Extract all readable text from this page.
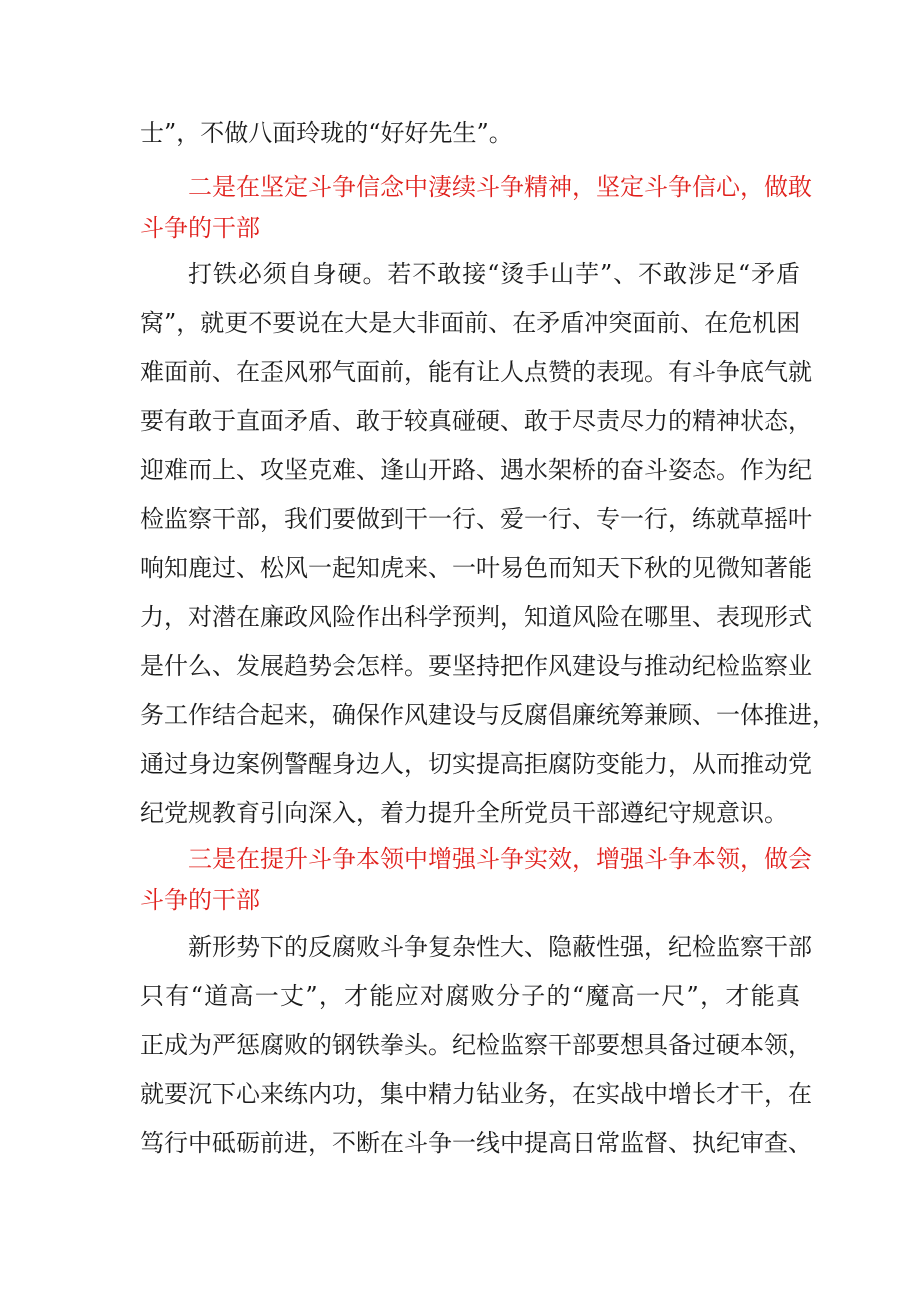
士”，不做八面玲珑的“好好先生”。
二是在坚定斗争信念中淒续斗争精神，坚定斗争信心，做敢
斗争的干部
打铁必须自身硬。若不敢接“烫手山芋”、不敢涉足“矛盾
窝”，就更不要说在大是大非面前、在矛盾冲突面前、在危机困
难面前、在歪风邪气面前，能有让人点赞的表现。有斗争底气就
要有敢于直面矛盾、敢于较真碰硬、敢于尽责尽力的精神状态，
迎难而上、攻坚克难、逢山开路、遇水架桥的奋斗姿态。作为纪
检监察干部，我们要做到干一行、爱一行、专一行，练就草摇叶
响知鹿过、松风一起知虎来、一叶易色而知天下秋的见微知著能
力，对潜在廉政风险作出科学预判，知道风险在哪里、表现形式
是什么、发展趋势会怎样。要坚持把作风建设与推动纪检监察业
务工作结合起来，确保作风建设与反腐倡廉统筹兼顾、一体推进，
通过身边案例警醒身边人，切实提高拒腐防变能力，从而推动党
纪党规教育引向深入，着力提升全所党员干部遵纪守规意识。
三是在提升斗争本领中增强斗争实效，增强斗争本领，做会
斗争的干部
新形势下的反腐败斗争复杂性大、隐蔽性强，纪检监察干部
只有“道高一丈”，才能应对腐败分子的“魔高一尺”，才能真
正成为严惩腐败的钢铁拳头。纪检监察干部要想具备过硬本领，
就要沉下心来练内功，集中精力钻业务，在实战中增长才干，在
笃行中砥砺前进，不断在斗争一线中提高日常监督、执纪审查、
